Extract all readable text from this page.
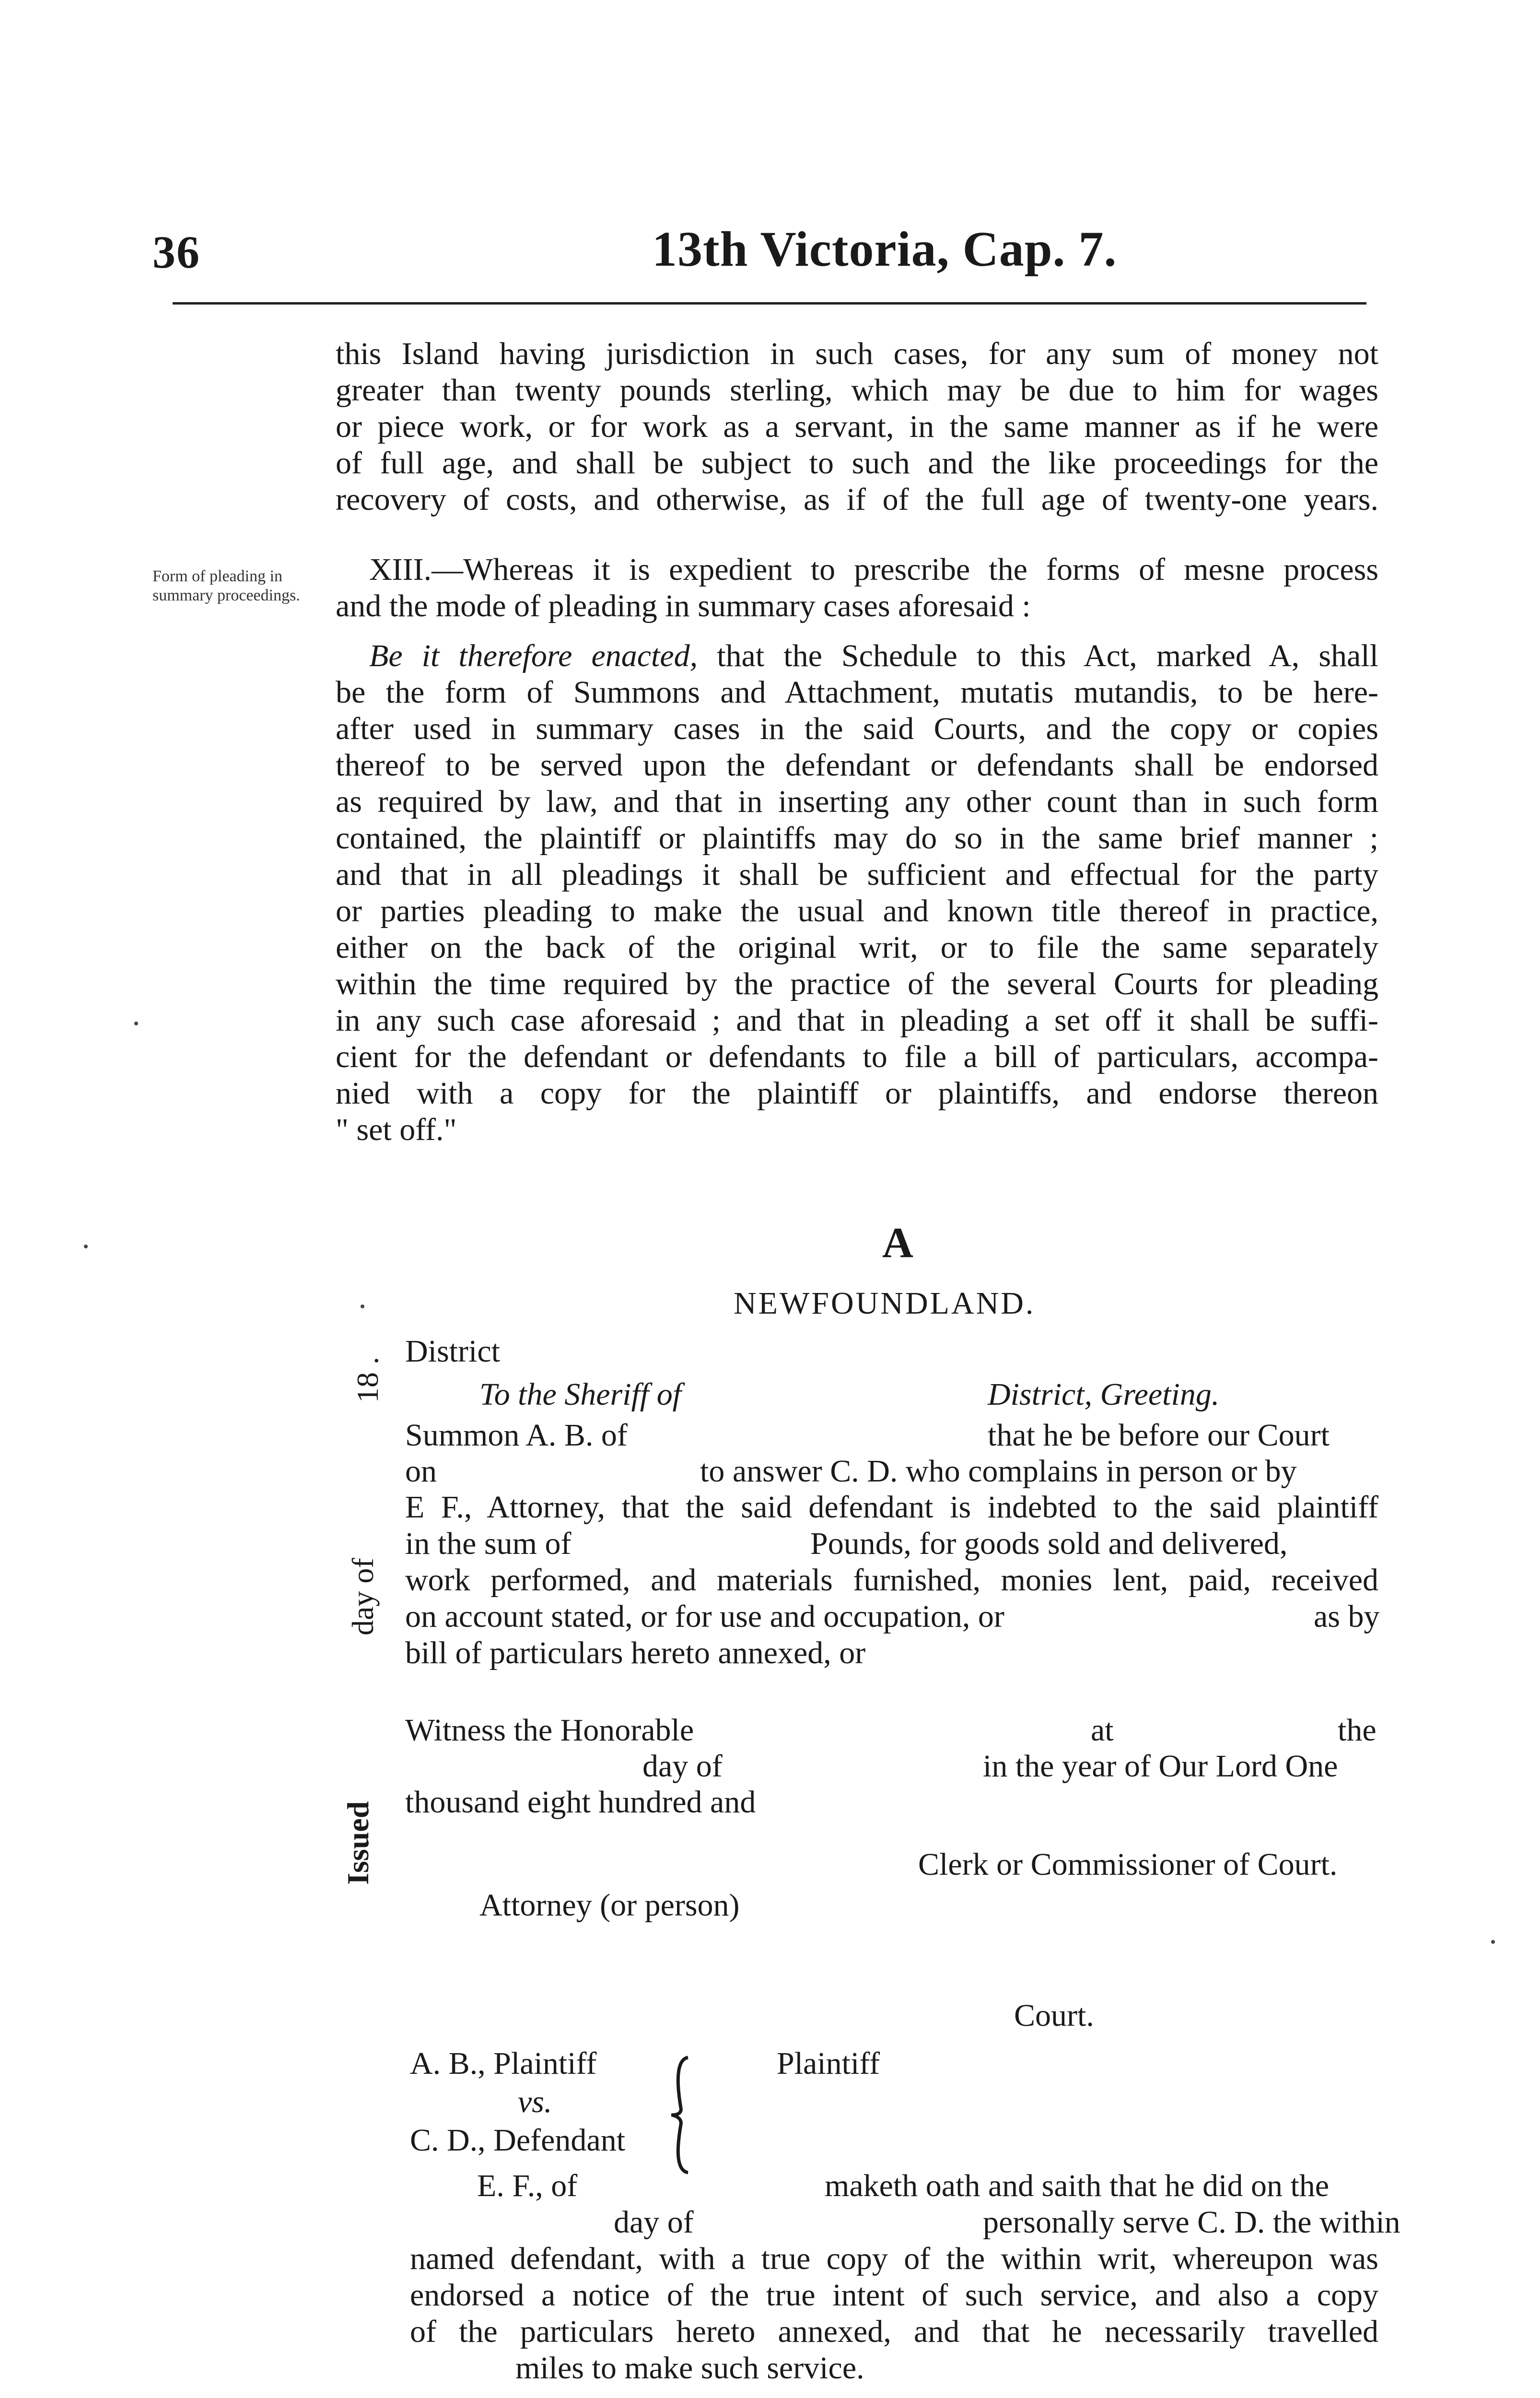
36	13th Victoria, Cap. 7.
this Island having jurisdiction in such cases, for any sum of money not
greater than twenty pounds sterling, which may be due to him for wages
or piece work, or for work as a servant, in the same manner as if he were
of full age, and shall be subject to such and the like proceedings for the
recovery of costs, and otherwise, as if of the full age of twenty-one years.
Form of pleading in summary proceedings.
XIII.—Whereas it is expedient to prescribe the forms of mesne process
and the mode of pleading in summary cases aforesaid :
Be it therefore enacted, that the Schedule to this Act, marked A, shall
be the form of Summons and Attachment, mutatis mutandis, to be here-
after used in summary cases in the said Courts, and the copy or copies
thereof to be served upon the defendant or defendants shall be endorsed
as required by law, and that in inserting any other count than in such form
contained, the plaintiff or plaintiffs may do so in the same brief manner ;
and that in all pleadings it shall be sufficient and effectual for the party
or parties pleading to make the usual and known title thereof in practice,
either on the back of the original writ, or to file the same separately
within the time required by the practice of the several Courts for pleading
in any such case aforesaid ; and that in pleading a set off it shall be suffi-
cient for the defendant or defendants to file a bill of particulars, accompa-
nied with a copy for the plaintiff or plaintiffs, and endorse thereon
" set off."
A
NEWFOUNDLAND.
18 .
day of
Issued
District
To the Sheriff of	District, Greeting.
Summon A. B. of	that he be before our Court
on	to answer C. D. who complains in person or by
E F., Attorney, that the said defendant is indebted to the said plaintiff
in the sum of	Pounds, for goods sold and delivered,
work performed, and materials furnished, monies lent, paid, received
on account stated, or for use and occupation, or	as by
bill of particulars hereto annexed, or
Witness the Honorable	at	the
day of	in the year of Our Lord One
thousand eight hundred and
Clerk or Commissioner of Court.
Attorney (or person)
Court.
A. B., Plaintiff	Plaintiff
vs.
C. D., Defendant
E. F., of	maketh oath and saith that he did on the
day of	personally serve C. D. the within
named defendant, with a true copy of the within writ, whereupon was
endorsed a notice of the true intent of such service, and also a copy
of the particulars hereto annexed, and that he necessarily travelled
miles to make such service.
